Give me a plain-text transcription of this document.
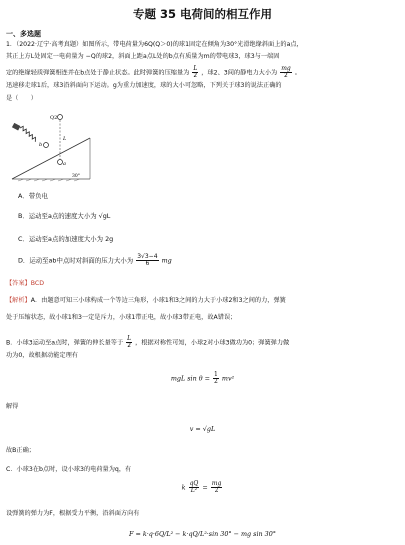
专题 35 电荷间的相互作用
一、多选题
1．（2022·辽宁·高考真题）如图所示，带电荷量为6Q(Q＞0)的球1固定在倾角为30°光滑绝缘斜面上的a点，
其正上方L处固定一电荷量为 −Q的球2，斜面上距a点L处的b点有质量为m的带电球3，球3与一端固
定的绝缘轻质弹簧相连并在b点处于静止状态。此时弹簧的压缩量为 $\frac{L}{2}$ ，球2、3间的静电力大小为 $\frac{mg}{2}$ 。
迅速移走球1后，球3沿斜面向下运动。g为重力加速度，球的大小可忽略，下列关于球3的说法正确的
是（　　）
Q2
L
b
a
30°
A．带负电
B．运动至a点的速度大小为 √gL
C．运动至a点的加速度大小为 2g
D．运动至ab中点时对斜面的压力大小为 $\frac{3√3-4}{6}$ mg
【答案】BCD
【解析】A．由题意可知三小球构成一个等边三角形，小球1和3之间的力大于小球2和3之间的力，弹簧
处于压缩状态，故小球1和3一定是斥力，小球1带正电，故小球3带正电，故A错误；
B．小球3运动至a点时，弹簧的伸长量等于 $\frac{L}{2}$ ，根据对称性可知，小球2对小球3做功为0；弹簧弹力做
功为0，故根据动能定理有
mgL $\sin \theta = \frac{1}{2} mv^2$
解得
v = √gL
故B正确；
C．小球3在b点时，设小球3的电荷量为q，有
k $\frac{qQ}{\text{L²}} = \frac{mg}{2}$
设弹簧的弹力为F，根据受力平衡，沿斜面方向有
F = k·q·6Q/L² − k·qQ/L²·sin 30° − mg sin 30°
